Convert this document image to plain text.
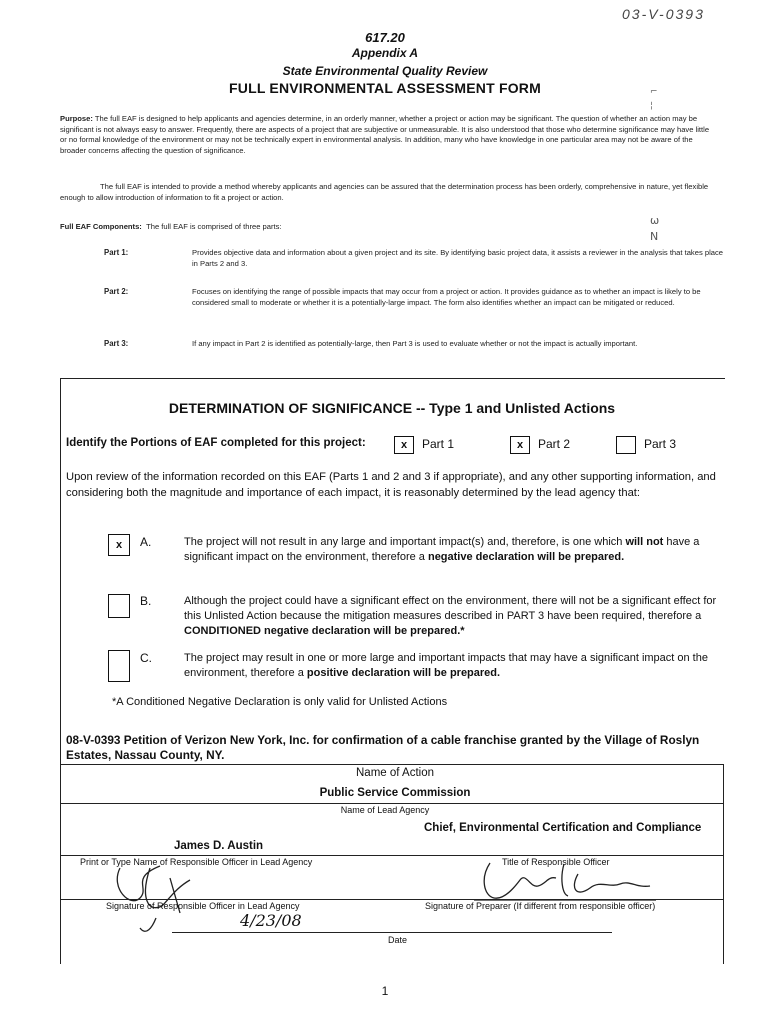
617.20
Appendix A
State Environmental Quality Review
FULL ENVIRONMENTAL ASSESSMENT FORM
03-V-0393
⌐
¦
ω
N
Purpose: The full EAF is designed to help applicants and agencies determine, in an orderly manner, whether a project or action may be significant. The question of whether an action may be significant is not always easy to answer. Frequently, there are aspects of a project that are subjective or unmeasurable. It is also understood that those who determine significance may have little or no formal knowledge of the environment or may not be technically expert in environmental analysis. In addition, many who have knowledge in one particular area may not be aware of the broader concerns affecting the question of significance.
The full EAF is intended to provide a method whereby applicants and agencies can be assured that the determination process has been orderly, comprehensive in nature, yet flexible enough to allow introduction of information to fit a project or action.
Full EAF Components: The full EAF is comprised of three parts:
Part 1:	Provides objective data and information about a given project and its site. By identifying basic project data, it assists a reviewer in the analysis that takes place in Parts 2 and 3.
Part 2:	Focuses on identifying the range of possible impacts that may occur from a project or action. It provides guidance as to whether an impact is likely to be considered small to moderate or whether it is a potentially-large impact. The form also identifies whether an impact can be mitigated or reduced.
Part 3:	If any impact in Part 2 is identified as potentially-large, then Part 3 is used to evaluate whether or not the impact is actually important.
DETERMINATION OF SIGNIFICANCE -- Type 1 and Unlisted Actions
Identify the Portions of EAF completed for this project:	x	Part 1	x	Part 2	Part 3
Upon review of the information recorded on this EAF (Parts 1 and 2 and 3 if appropriate), and any other supporting information, and considering both the magnitude and importance of each impact, it is reasonably determined by the lead agency that:
x	A.	The project will not result in any large and important impact(s) and, therefore, is one which will not have a significant impact on the environment, therefore a negative declaration will be prepared.
B.	Although the project could have a significant effect on the environment, there will not be a significant effect for this Unlisted Action because the mitigation measures described in PART 3 have been required, therefore a CONDITIONED negative declaration will be prepared.*
C.	The project may result in one or more large and important impacts that may have a significant impact on the environment, therefore a positive declaration will be prepared.
*A Conditioned Negative Declaration is only valid for Unlisted Actions
08-V-0393 Petition of Verizon New York, Inc. for confirmation of a cable franchise granted by the Village of Roslyn Estates, Nassau County, NY.
Name of Action
Public Service Commission
Name of Lead Agency
James D. Austin
Chief, Environmental Certification and Compliance
Print or Type Name of Responsible Officer in Lead Agency	Title of Responsible Officer
Signature of Responsible Officer in Lead Agency	Signature of Preparer (If different from responsible officer)
4/23/08
Date
1
